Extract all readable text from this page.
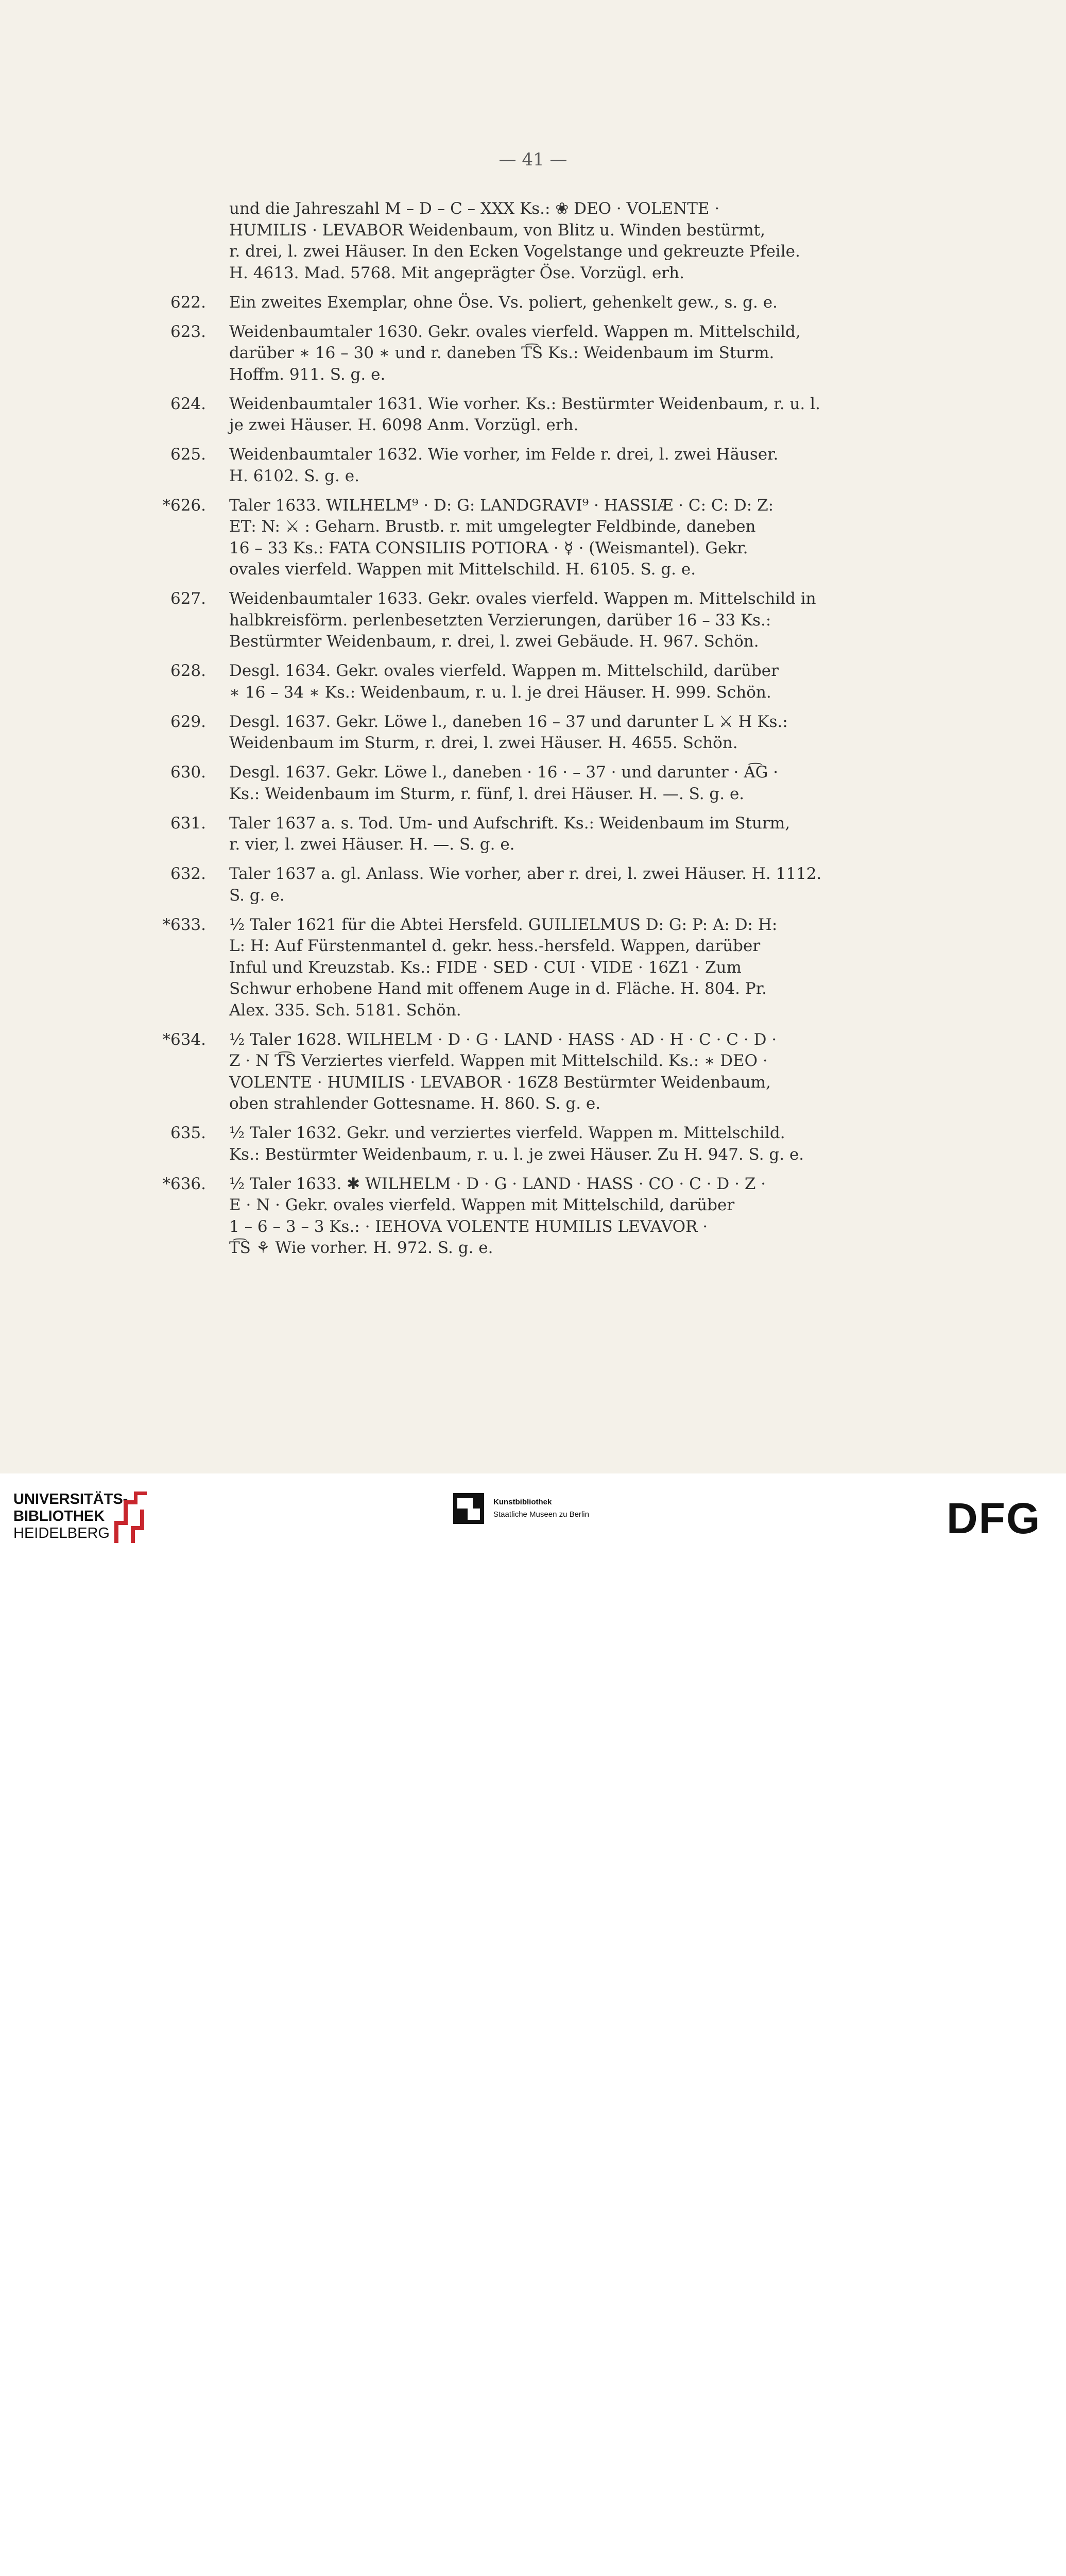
— 41 —
und die Jahreszahl M – D – C – XXX Ks.: ❀ DEO · VOLENTE ·
HUMILIS · LEVABOR Weidenbaum, von Blitz u. Winden bestürmt,
r. drei, l. zwei Häuser. In den Ecken Vogelstange und gekreuzte Pfeile.
H. 4613. Mad. 5768. Mit angeprägter Öse. Vorzügl. erh.
622. Ein zweites Exemplar, ohne Öse. Vs. poliert, gehenkelt gew., s. g. e.
623. Weidenbaumtaler 1630. Gekr. ovales vierfeld. Wappen m. Mittelschild,
darüber ∗ 16 – 30 ∗ und r. daneben T͡S Ks.: Weidenbaum im Sturm.
Hoffm. 911. S. g. e.
624. Weidenbaumtaler 1631. Wie vorher. Ks.: Bestürmter Weidenbaum, r. u. l.
je zwei Häuser. H. 6098 Anm. Vorzügl. erh.
625. Weidenbaumtaler 1632. Wie vorher, im Felde r. drei, l. zwei Häuser.
H. 6102. S. g. e.
*626. Taler 1633. WILHELM⁹ · D: G: LANDGRAVI⁹ · HASSIÆ · C: C: D: Z:
ET: N: ⚔ : Geharn. Brustb. r. mit umgelegter Feldbinde, daneben
16 – 33 Ks.: FATA CONSILIIS POTIORA · ☿ · (Weismantel). Gekr.
ovales vierfeld. Wappen mit Mittelschild. H. 6105. S. g. e.
627. Weidenbaumtaler 1633. Gekr. ovales vierfeld. Wappen m. Mittelschild in
halbkreisförm. perlenbesetzten Verzierungen, darüber 16 – 33 Ks.:
Bestürmter Weidenbaum, r. drei, l. zwei Gebäude. H. 967. Schön.
628. Desgl. 1634. Gekr. ovales vierfeld. Wappen m. Mittelschild, darüber
∗ 16 – 34 ∗ Ks.: Weidenbaum, r. u. l. je drei Häuser. H. 999. Schön.
629. Desgl. 1637. Gekr. Löwe l., daneben 16 – 37 und darunter L ⚔ H Ks.:
Weidenbaum im Sturm, r. drei, l. zwei Häuser. H. 4655. Schön.
630. Desgl. 1637. Gekr. Löwe l., daneben · 16 · – 37 · und darunter · A͡G ·
Ks.: Weidenbaum im Sturm, r. fünf, l. drei Häuser. H. —. S. g. e.
631. Taler 1637 a. s. Tod. Um- und Aufschrift. Ks.: Weidenbaum im Sturm,
r. vier, l. zwei Häuser. H. —. S. g. e.
632. Taler 1637 a. gl. Anlass. Wie vorher, aber r. drei, l. zwei Häuser. H. 1112.
S. g. e.
*633. ½ Taler 1621 für die Abtei Hersfeld. GUILIELMUS D: G: P: A: D: H:
L: H: Auf Fürstenmantel d. gekr. hess.-hersfeld. Wappen, darüber
Inful und Kreuzstab. Ks.: FIDE · SED · CUI · VIDE · 16Z1 · Zum
Schwur erhobene Hand mit offenem Auge in d. Fläche. H. 804. Pr.
Alex. 335. Sch. 5181. Schön.
*634. ½ Taler 1628. WILHELM · D · G · LAND · HASS · AD · H · C · C · D ·
Z · N T͡S Verziertes vierfeld. Wappen mit Mittelschild. Ks.: ∗ DEO ·
VOLENTE · HUMILIS · LEVABOR · 16Z8 Bestürmter Weidenbaum,
oben strahlender Gottesname. H. 860. S. g. e.
635. ½ Taler 1632. Gekr. und verziertes vierfeld. Wappen m. Mittelschild.
Ks.: Bestürmter Weidenbaum, r. u. l. je zwei Häuser. Zu H. 947. S. g. e.
*636. ½ Taler 1633. ✱ WILHELM · D · G · LAND · HASS · CO · C · D · Z ·
E · N · Gekr. ovales vierfeld. Wappen mit Mittelschild, darüber
1 – 6 – 3 – 3 Ks.: · IEHOVA VOLENTE HUMILIS LEVAVOR ·
T͡S ⚘ Wie vorher. H. 972. S. g. e.
UNIVERSITÄTS-
BIBLIOTHEK
HEIDELBERG
Kunstbibliothek
Staatliche Museen zu Berlin	DFG
